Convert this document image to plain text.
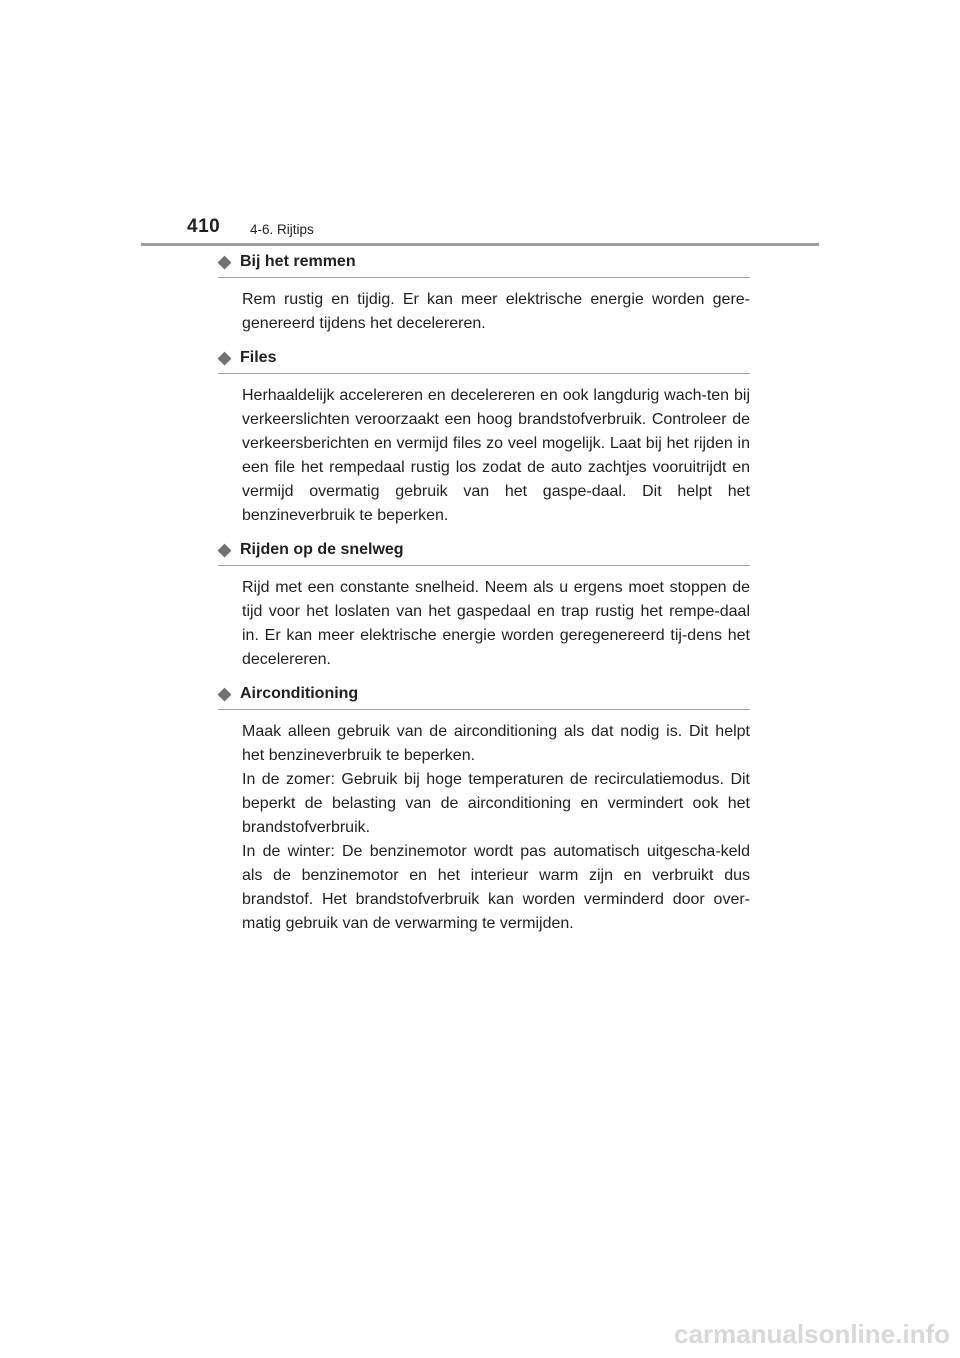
410 4-6. Rijtips
◆ Bij het remmen

Rem rustig en tijdig. Er kan meer elektrische energie worden gere-genereerd tijdens het decelereren.

◆ Files

Herhaaldelijk accelereren en decelereren en ook langdurig wach-ten bij verkeerslichten veroorzaakt een hoog brandstofverbruik. Controleer de verkeersberichten en vermijd files zo veel mogelijk. Laat bij het rijden in een file het rempedaal rustig los zodat de auto zachtjes vooruitrijdt en vermijd overmatig gebruik van het gaspe-daal. Dit helpt het benzineverbruik te beperken.

◆ Rijden op de snelweg

Rijd met een constante snelheid. Neem als u ergens moet stoppen de tijd voor het loslaten van het gaspedaal en trap rustig het rempe-daal in. Er kan meer elektrische energie worden geregenereerd tij-dens het decelereren.

◆ Airconditioning

Maak alleen gebruik van de airconditioning als dat nodig is. Dit helpt het benzineverbruik te beperken.

In de zomer: Gebruik bij hoge temperaturen de recirculatiemodus. Dit beperkt de belasting van de airconditioning en vermindert ook het brandstofverbruik.

In de winter: De benzinemotor wordt pas automatisch uitgescha-keld als de benzinemotor en het interieur warm zijn en verbruikt dus brandstof. Het brandstofverbruik kan worden verminderd door over-matig gebruik van de verwarming te vermijden.

carmanualsonline.info
